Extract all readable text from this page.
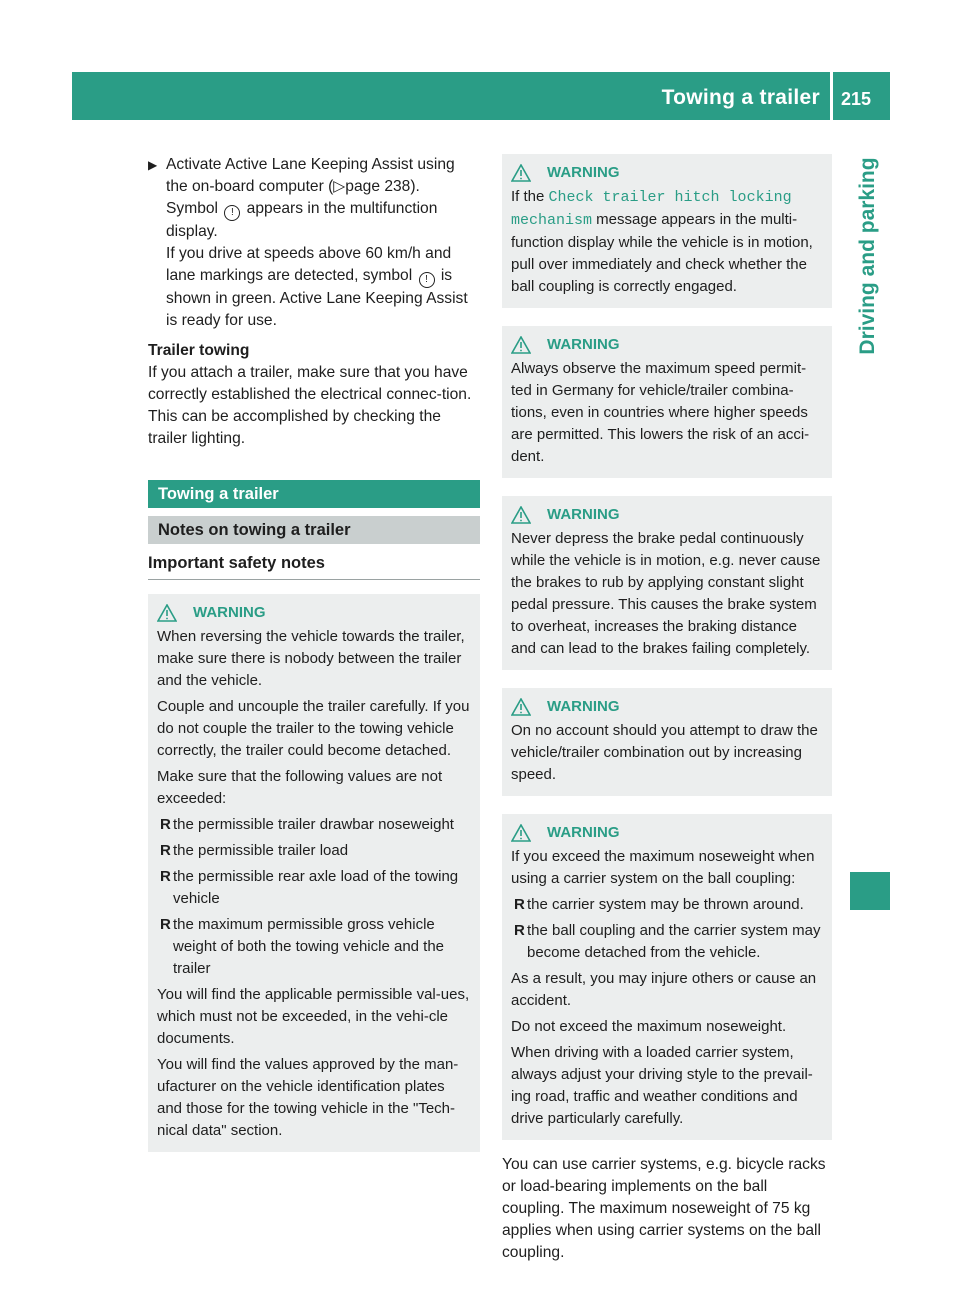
Towing a trailer 215
Driving and parking
▶ Activate Active Lane Keeping Assist using the on-board computer (▷page 238).

Symbol ! appears in the multifunction display.

If you drive at speeds above 60 km/h and lane markings are detected, symbol ! is shown in green. Active Lane Keeping Assist is ready for use.

Trailer towing

If you attach a trailer, make sure that you have correctly established the electrical connec-tion. This can be accomplished by checking the trailer lighting.

Towing a trailer
Notes on towing a trailer
Important safety notes
WARNING

When reversing the vehicle towards the trailer, make sure there is nobody between the trailer and the vehicle.

Couple and uncouple the trailer carefully. If you do not couple the trailer to the towing vehicle correctly, the trailer could become detached.

Make sure that the following values are not exceeded:

R the permissible trailer drawbar noseweight

R the permissible trailer load

R the permissible rear axle load of the towing vehicle

R the maximum permissible gross vehicle weight of both the towing vehicle and the trailer

You will find the applicable permissible val-ues, which must not be exceeded, in the vehi-cle documents.

You will find the values approved by the man-ufacturer on the vehicle identification plates and those for the towing vehicle in the "Tech-nical data" section.

WARNING

If the Check trailer hitch locking mechanism message appears in the multi-function display while the vehicle is in motion, pull over immediately and check whether the ball coupling is correctly engaged.

WARNING

Always observe the maximum speed permit-ted in Germany for vehicle/trailer combina-tions, even in countries where higher speeds are permitted. This lowers the risk of an acci-dent.

WARNING

Never depress the brake pedal continuously while the vehicle is in motion, e.g. never cause the brakes to rub by applying constant slight pedal pressure. This causes the brake system to overheat, increases the braking distance and can lead to the brakes failing completely.

WARNING

On no account should you attempt to draw the vehicle/trailer combination out by increasing speed.

WARNING

If you exceed the maximum noseweight when using a carrier system on the ball coupling:

R the carrier system may be thrown around.

R the ball coupling and the carrier system may become detached from the vehicle.

As a result, you may injure others or cause an accident.

Do not exceed the maximum noseweight.

When driving with a loaded carrier system, always adjust your driving style to the prevail-ing road, traffic and weather conditions and drive particularly carefully.

You can use carrier systems, e.g. bicycle racks or load-bearing implements on the ball coupling. The maximum noseweight of 75 kg applies when using carrier systems on the ball coupling.
